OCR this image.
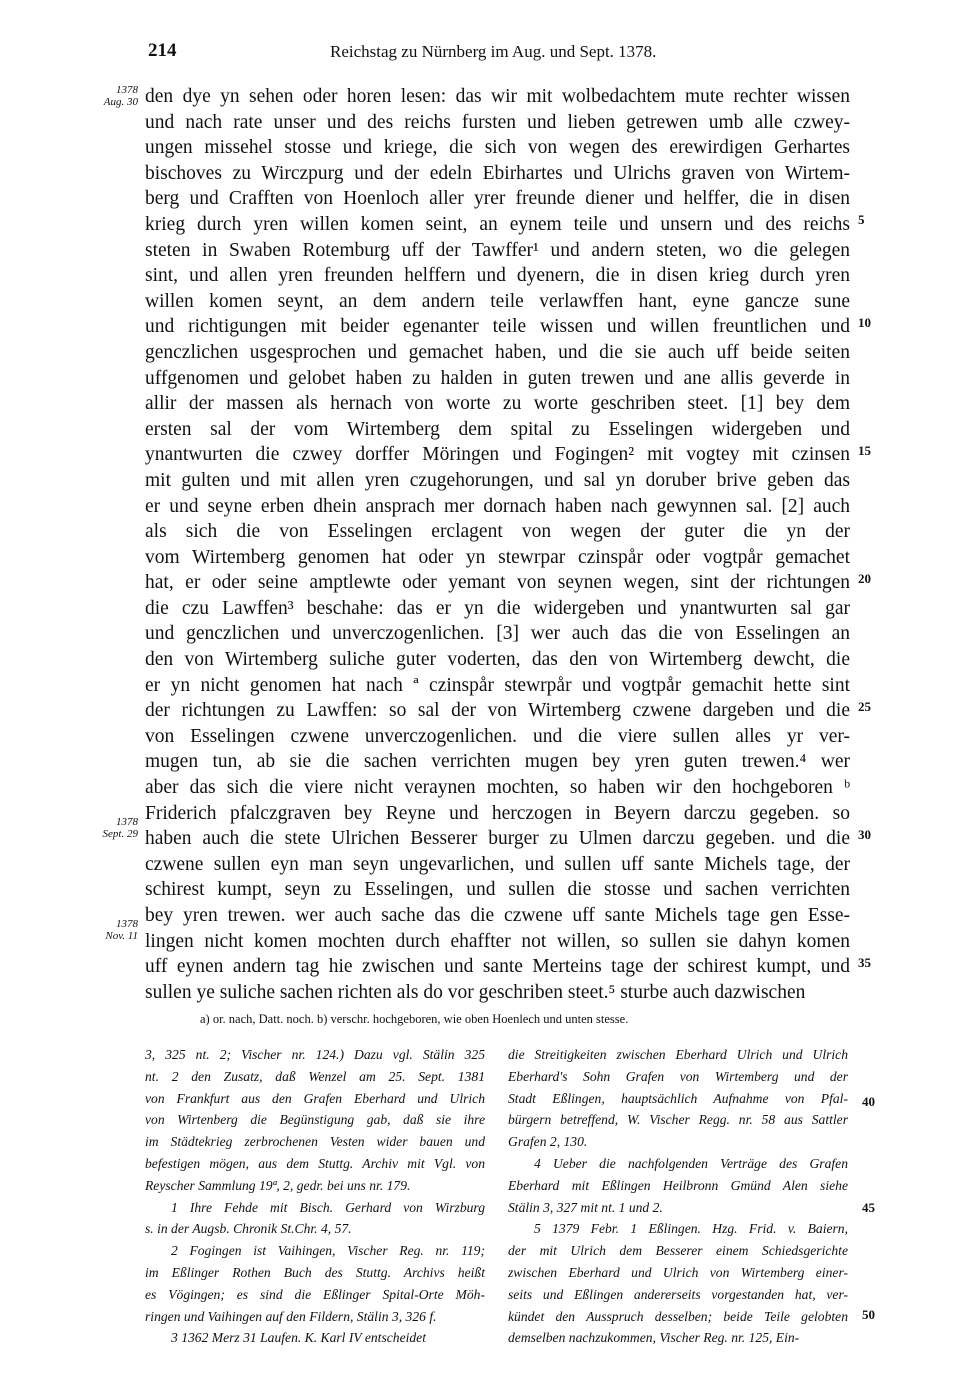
214	Reichstag zu Nürnberg im Aug. und Sept. 1378.
1378
Aug. 30
1378
Sept. 29
1378
Nov. 11
den dye yn sehen oder horen lesen: das wir mit wolbedachtem mute rechter wissen
und nach rate unser und des reichs fursten und lieben getrewen umb alle czwey-
ungen missehel stosse und kriege, die sich von wegen des erewirdigen Gerhartes
bischoves zu Wirczpurg und der edeln Ebirhartes und Ulrichs graven von Wirtem-
berg und Crafften von Hoenloch aller yrer freunde diener und helffer, die in disen
krieg durch yren willen komen seint, an eynem teile und unsern und des reichs
steten in Swaben Rotemburg uff der Tawffer¹ und andern steten, wo die gelegen
sint, und allen yren freunden helffern und dyenern, die in disen krieg durch yren
willen komen seynt, an dem andern teile verlawffen hant, eyne gancze sune
und richtigungen mit beider egenanter teile wissen und willen freuntlichen und
genczlichen usgesprochen und gemachet haben, und die sie auch uff beide seiten
uffgenomen und gelobet haben zu halden in guten trewen und ane allis geverde in
allir der massen als hernach von worte zu worte geschriben steet. [1] bey dem
ersten sal der vom Wirtemberg dem spital zu Esselingen widergeben und
ynantwurten die czwey dorffer Möringen und Fogingen² mit vogtey mit czinsen
mit gulten und mit allen yren czugehorungen, und sal yn doruber brive geben das
er und seyne erben dhein ansprach mer dornach haben nach gewynnen sal. [2] auch
als sich die von Esselingen erclagent von wegen der guter die yn der
vom Wirtemberg genomen hat oder yn stewrpar czinspår oder vogtpår gemachet
hat, er oder seine amptlewte oder yemant von seynen wegen, sint der richtungen
die czu Lawffen³ beschahe: das er yn die widergeben und ynantwurten sal gar
und genczlichen und unverczogenlichen. [3] wer auch das die von Esselingen an
den von Wirtemberg suliche guter voderten, das den von Wirtemberg dewcht, die
er yn nicht genomen hat nach ª czinspår stewrpår und vogtpår gemachit hette sint
der richtungen zu Lawffen: so sal der von Wirtemberg czwene dargeben und die
von Esselingen czwene unverczogenlichen. und die viere sullen alles yr ver-
mugen tun, ab sie die sachen verrichten mugen bey yren guten trewen.⁴ wer
aber das sich die viere nicht veraynen mochten, so haben wir den hochgeboren ᵇ
Friderich pfalczgraven bey Reyne und herczogen in Beyern darczu gegeben. so
haben auch die stete Ulrichen Besserer burger zu Ulmen darczu gegeben. und die
czwene sullen eyn man seyn ungevarlichen, und sullen uff sante Michels tage, der
schirest kumpt, seyn zu Esselingen, und sullen die stosse und sachen verrichten
bey yren trewen. wer auch sache das die czwene uff sante Michels tage gen Esse-
lingen nicht komen mochten durch ehaffter not willen, so sullen sie dahyn komen
uff eynen andern tag hie zwischen und sante Merteins tage der schirest kumpt, und
sullen ye suliche sachen richten als do vor geschriben steet.⁵ sturbe auch dazwischen
5
10
15
20
25
30
35
a) or. nach, Datt. noch. b) verschr. hochgeboren, wie oben Hoenlech und unten stesse.
3, 325 nt. 2; Vischer nr. 124.) Dazu vgl. Stälin 325
nt. 2 den Zusatz, daß Wenzel am 25. Sept. 1381
von Frankfurt aus den Grafen Eberhard und Ulrich
von Wirtenberg die Begünstigung gab, daß sie ihre
im Städtekrieg zerbrochenen Vesten wider bauen und
befestigen mögen, aus dem Stuttg. Archiv mit Vgl. von
Reyscher Sammlung 19ª, 2, gedr. bei uns nr. 179.
1 Ihre Fehde mit Bisch. Gerhard von Wirzburg
s. in der Augsb. Chronik St.Chr. 4, 57.
2 Fogingen ist Vaihingen, Vischer Reg. nr. 119;
im Eßlinger Rothen Buch des Stuttg. Archivs heißt
es Vögingen; es sind die Eßlinger Spital-Orte Möh-
ringen und Vaihingen auf den Fildern, Stälin 3, 326 f.
3 1362 Merz 31 Laufen. K. Karl IV entscheidet
die Streitigkeiten zwischen Eberhard Ulrich und Ulrich
Eberhard's Sohn Grafen von Wirtemberg und der
Stadt Eßlingen, hauptsächlich Aufnahme von Pfal-
bürgern betreffend, W. Vischer Regg. nr. 58 aus Sattler
Grafen 2, 130.
4 Ueber die nachfolgenden Verträge des Grafen
Eberhard mit Eßlingen Heilbronn Gmünd Alen siehe
Stälin 3, 327 mit nt. 1 und 2.
5 1379 Febr. 1 Eßlingen. Hzg. Frid. v. Baiern,
der mit Ulrich dem Besserer einem Schiedsgerichte
zwischen Eberhard und Ulrich von Wirtemberg einer-
seits und Eßlingen andererseits vorgestanden hat, ver-
kündet den Ausspruch desselben; beide Teile gelobten
demselben nachzukommen, Vischer Reg. nr. 125, Ein-
40
45
50
